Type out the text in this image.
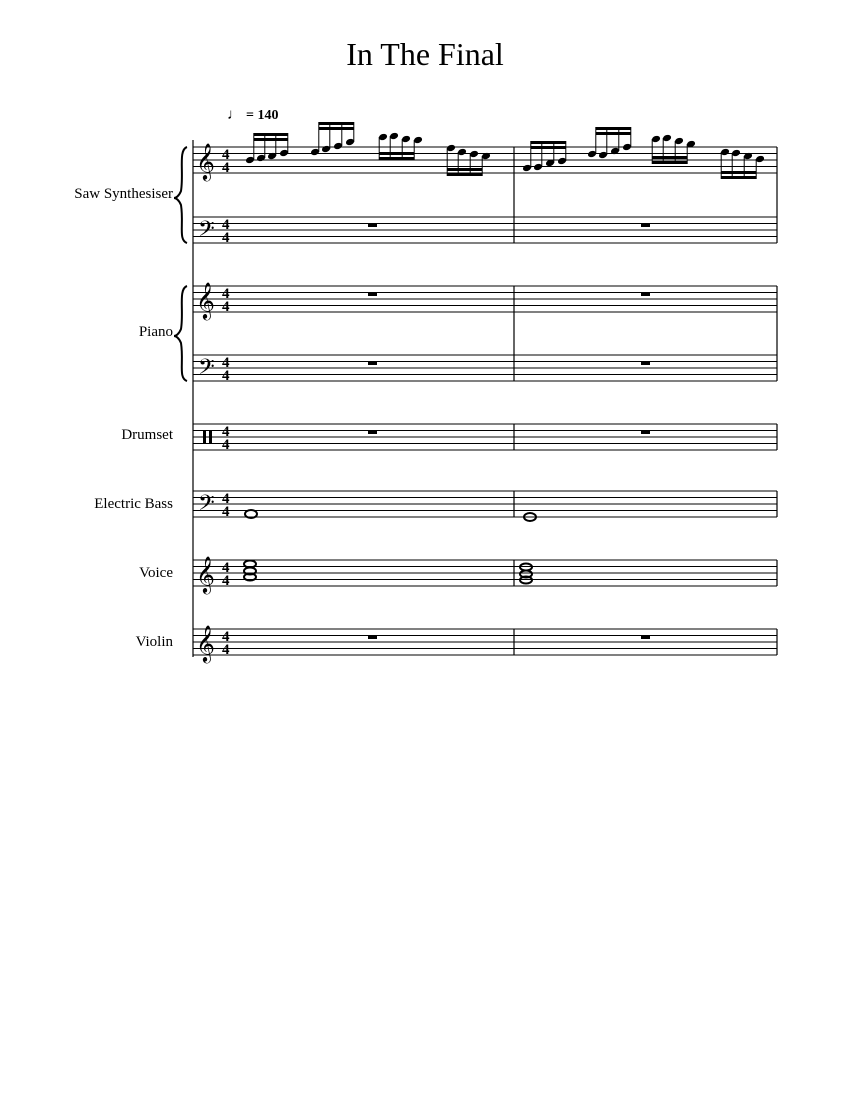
In The Final
♩ = 140
Saw Synthesiser
Piano
Drumset
Electric Bass
Voice
Violin
4
4
𝄞
𝄢
𝄞
𝄢
𝄢
𝄞
𝄞
